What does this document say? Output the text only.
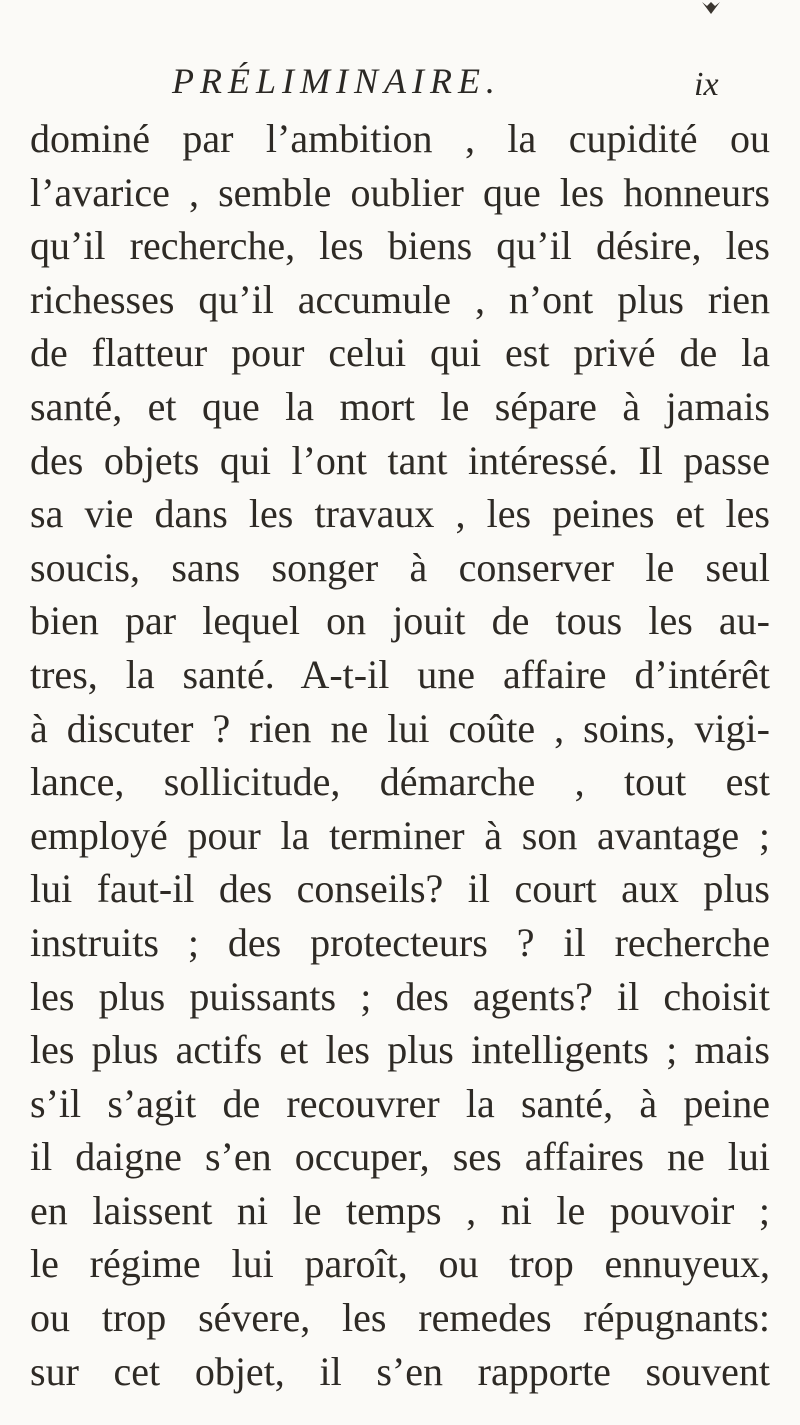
PRÉLIMINAIRE.	ix
dominé par l’ambition , la cupidité ou
l’avarice , semble oublier que les honneurs
qu’il recherche, les biens qu’il désire, les
richesses qu’il accumule , n’ont plus rien
de flatteur pour celui qui est privé de la
santé, et que la mort le sépare à jamais
des objets qui l’ont tant intéressé. Il passe
sa vie dans les travaux , les peines et les
soucis, sans songer à conserver le seul
bien par lequel on jouit de tous les au-
tres, la santé. A-t-il une affaire d’intérêt
à discuter ? rien ne lui coûte , soins, vigi-
lance, sollicitude, démarche , tout est
employé pour la terminer à son avantage ;
lui faut-il des conseils? il court aux plus
instruits ; des protecteurs ? il recherche
les plus puissants ; des agents? il choisit
les plus actifs et les plus intelligents ; mais
s’il s’agit de recouvrer la santé, à peine
il daigne s’en occuper, ses affaires ne lui
en laissent ni le temps , ni le pouvoir ;
le régime lui paroît, ou trop ennuyeux,
ou trop sévere, les remedes répugnants:
sur cet objet, il s’en rapporte souvent
